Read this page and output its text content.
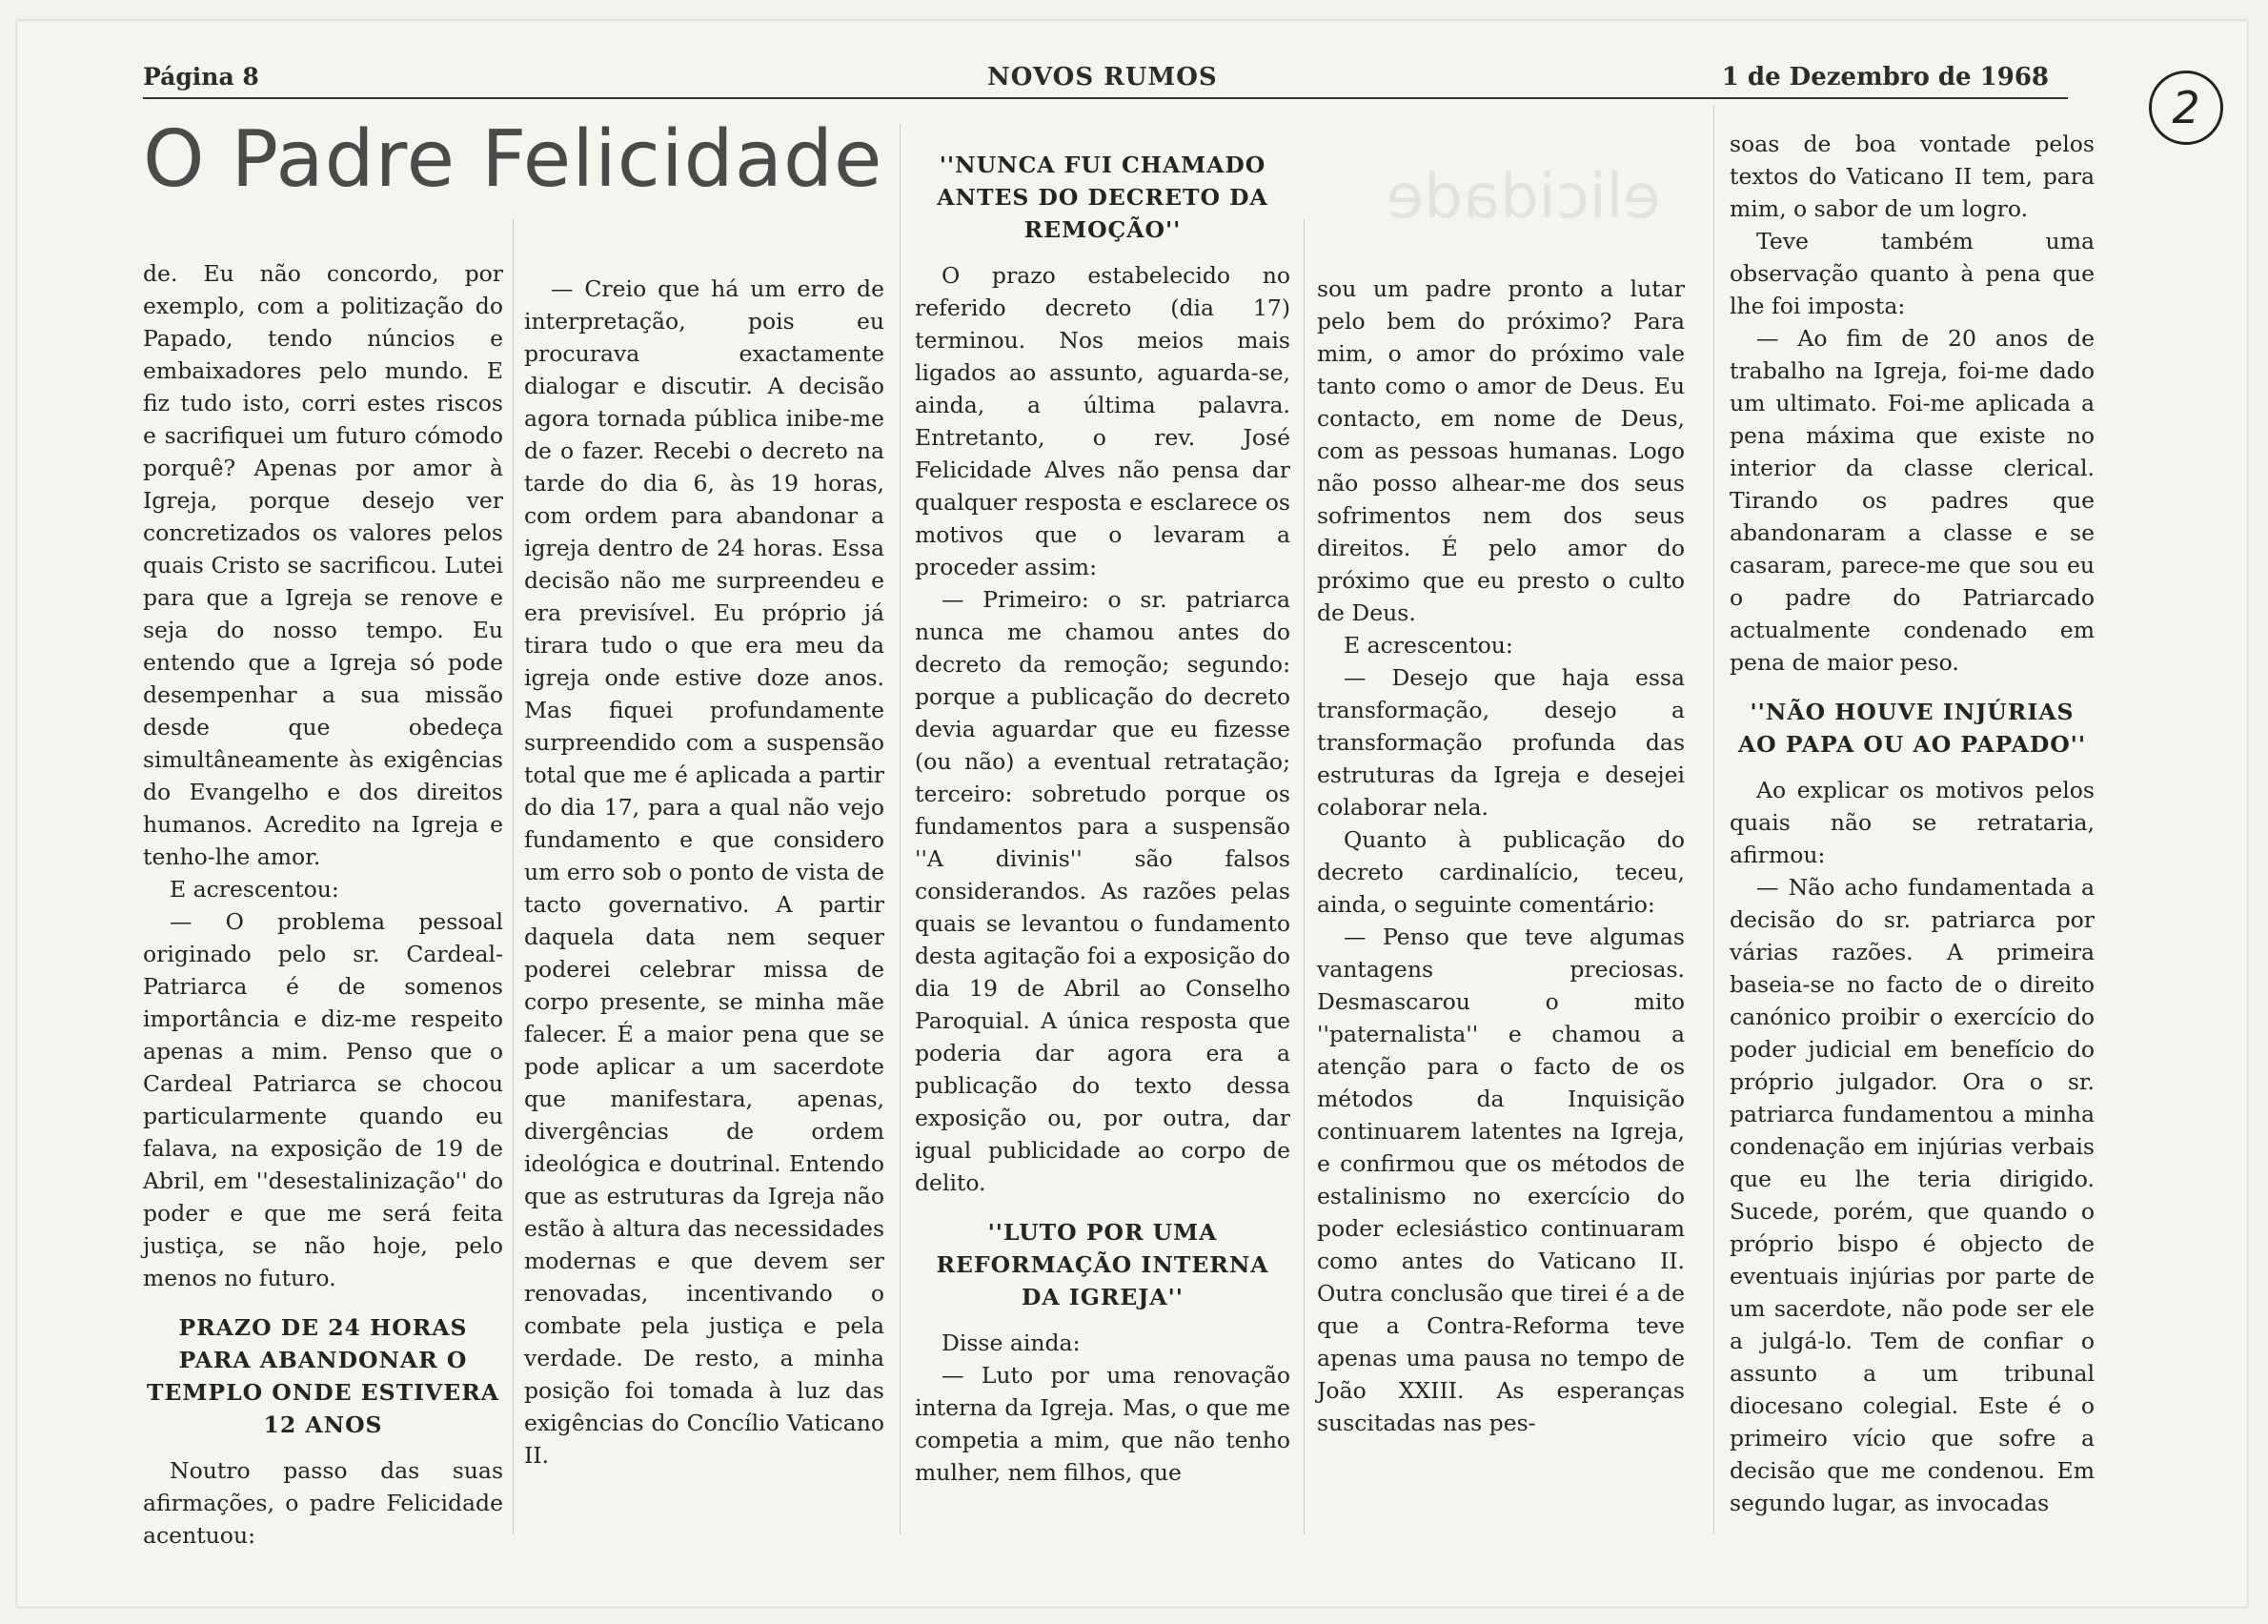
elicidade
Página 8	NOVOS RUMOS	1 de Dezembro de 1968
2
O Padre Felicidade

de. Eu não concordo, por exemplo, com a politização do Papado, tendo núncios e embaixadores pelo mundo. E fiz tudo isto, corri estes riscos e sacrifiquei um futuro cómodo porquê? Apenas por amor à Igreja, porque desejo ver concretizados os valores pelos quais Cristo se sacrificou. Lutei para que a Igreja se renove e seja do nosso tempo. Eu entendo que a Igreja só pode desempenhar a sua missão desde que obedeça simultâneamente às exigências do Evangelho e dos direitos humanos. Acredito na Igreja e tenho-lhe amor.

E acrescentou:

— O problema pessoal originado pelo sr. Cardeal-Patriarca é de somenos importância e diz-me respeito apenas a mim. Penso que o Cardeal Patriarca se chocou particularmente quando eu falava, na exposição de 19 de Abril, em ''desestalinização'' do poder e que me será feita justiça, se não hoje, pelo menos no futuro.

PRAZO DE 24 HORAS PARA ABANDONAR O TEMPLO ONDE ESTIVERA 12 ANOS

Noutro passo das suas afirmações, o padre Felicidade acentuou:

— Creio que há um erro de interpretação, pois eu procurava exactamente dialogar e discutir. A decisão agora tornada pública inibe-me de o fazer. Recebi o decreto na tarde do dia 6, às 19 horas, com ordem para abandonar a igreja dentro de 24 horas. Essa decisão não me surpreendeu e era previsível. Eu próprio já tirara tudo o que era meu da igreja onde estive doze anos. Mas fiquei profundamente surpreendido com a suspensão total que me é aplicada a partir do dia 17, para a qual não vejo fundamento e que considero um erro sob o ponto de vista de tacto governativo. A partir daquela data nem sequer poderei celebrar missa de corpo presente, se minha mãe falecer. É a maior pena que se pode aplicar a um sacerdote que manifestara, apenas, divergências de ordem ideológica e doutrinal. Entendo que as estruturas da Igreja não estão à altura das necessidades modernas e que devem ser renovadas, incentivando o combate pela justiça e pela verdade. De resto, a minha posição foi tomada à luz das exigências do Concílio Vaticano II.

''NUNCA FUI CHAMADO ANTES DO DECRETO DA REMOÇÃO''

O prazo estabelecido no referido decreto (dia 17) terminou. Nos meios mais ligados ao assunto, aguarda-se, ainda, a última palavra. Entretanto, o rev. José Felicidade Alves não pensa dar qualquer resposta e esclarece os motivos que o levaram a proceder assim:

— Primeiro: o sr. patriarca nunca me chamou antes do decreto da remoção; segundo: porque a publicação do decreto devia aguardar que eu fizesse (ou não) a eventual retratação; terceiro: sobretudo porque os fundamentos para a suspensão ''A divinis'' são falsos considerandos. As razões pelas quais se levantou o fundamento desta agitação foi a exposição do dia 19 de Abril ao Conselho Paroquial. A única resposta que poderia dar agora era a publicação do texto dessa exposição ou, por outra, dar igual publicidade ao corpo de delito.

''LUTO POR UMA REFORMAÇÃO INTERNA DA IGREJA''

Disse ainda:

— Luto por uma renovação interna da Igreja. Mas, o que me competia a mim, que não tenho mulher, nem filhos, que

sou um padre pronto a lutar pelo bem do próximo? Para mim, o amor do próximo vale tanto como o amor de Deus. Eu contacto, em nome de Deus, com as pessoas humanas. Logo não posso alhear-me dos seus sofrimentos nem dos seus direitos. É pelo amor do próximo que eu presto o culto de Deus.

E acrescentou:

— Desejo que haja essa transformação, desejo a transformação profunda das estruturas da Igreja e desejei colaborar nela.

Quanto à publicação do decreto cardinalício, teceu, ainda, o seguinte comentário:

— Penso que teve algumas vantagens preciosas. Desmascarou o mito ''paternalista'' e chamou a atenção para o facto de os métodos da Inquisição continuarem latentes na Igreja, e confirmou que os métodos de estalinismo no exercício do poder eclesiástico continuaram como antes do Vaticano II. Outra conclusão que tirei é a de que a Contra-Reforma teve apenas uma pausa no tempo de João XXIII. As esperanças suscitadas nas pes-

soas de boa vontade pelos textos do Vaticano II tem, para mim, o sabor de um logro.

Teve também uma observação quanto à pena que lhe foi imposta:

— Ao fim de 20 anos de trabalho na Igreja, foi-me dado um ultimato. Foi-me aplicada a pena máxima que existe no interior da classe clerical. Tirando os padres que abandonaram a classe e se casaram, parece-me que sou eu o padre do Patriarcado actualmente condenado em pena de maior peso.

''NÃO HOUVE INJÚRIAS AO PAPA OU AO PAPADO''

Ao explicar os motivos pelos quais não se retrataria, afirmou:

— Não acho fundamentada a decisão do sr. patriarca por várias razões. A primeira baseia-se no facto de o direito canónico proibir o exercício do poder judicial em benefício do próprio julgador. Ora o sr. patriarca fundamentou a minha condenação em injúrias verbais que eu lhe teria dirigido. Sucede, porém, que quando o próprio bispo é objecto de eventuais injúrias por parte de um sacerdote, não pode ser ele a julgá-lo. Tem de confiar o assunto a um tribunal diocesano colegial. Este é o primeiro vício que sofre a decisão que me condenou. Em segundo lugar, as invocadas
